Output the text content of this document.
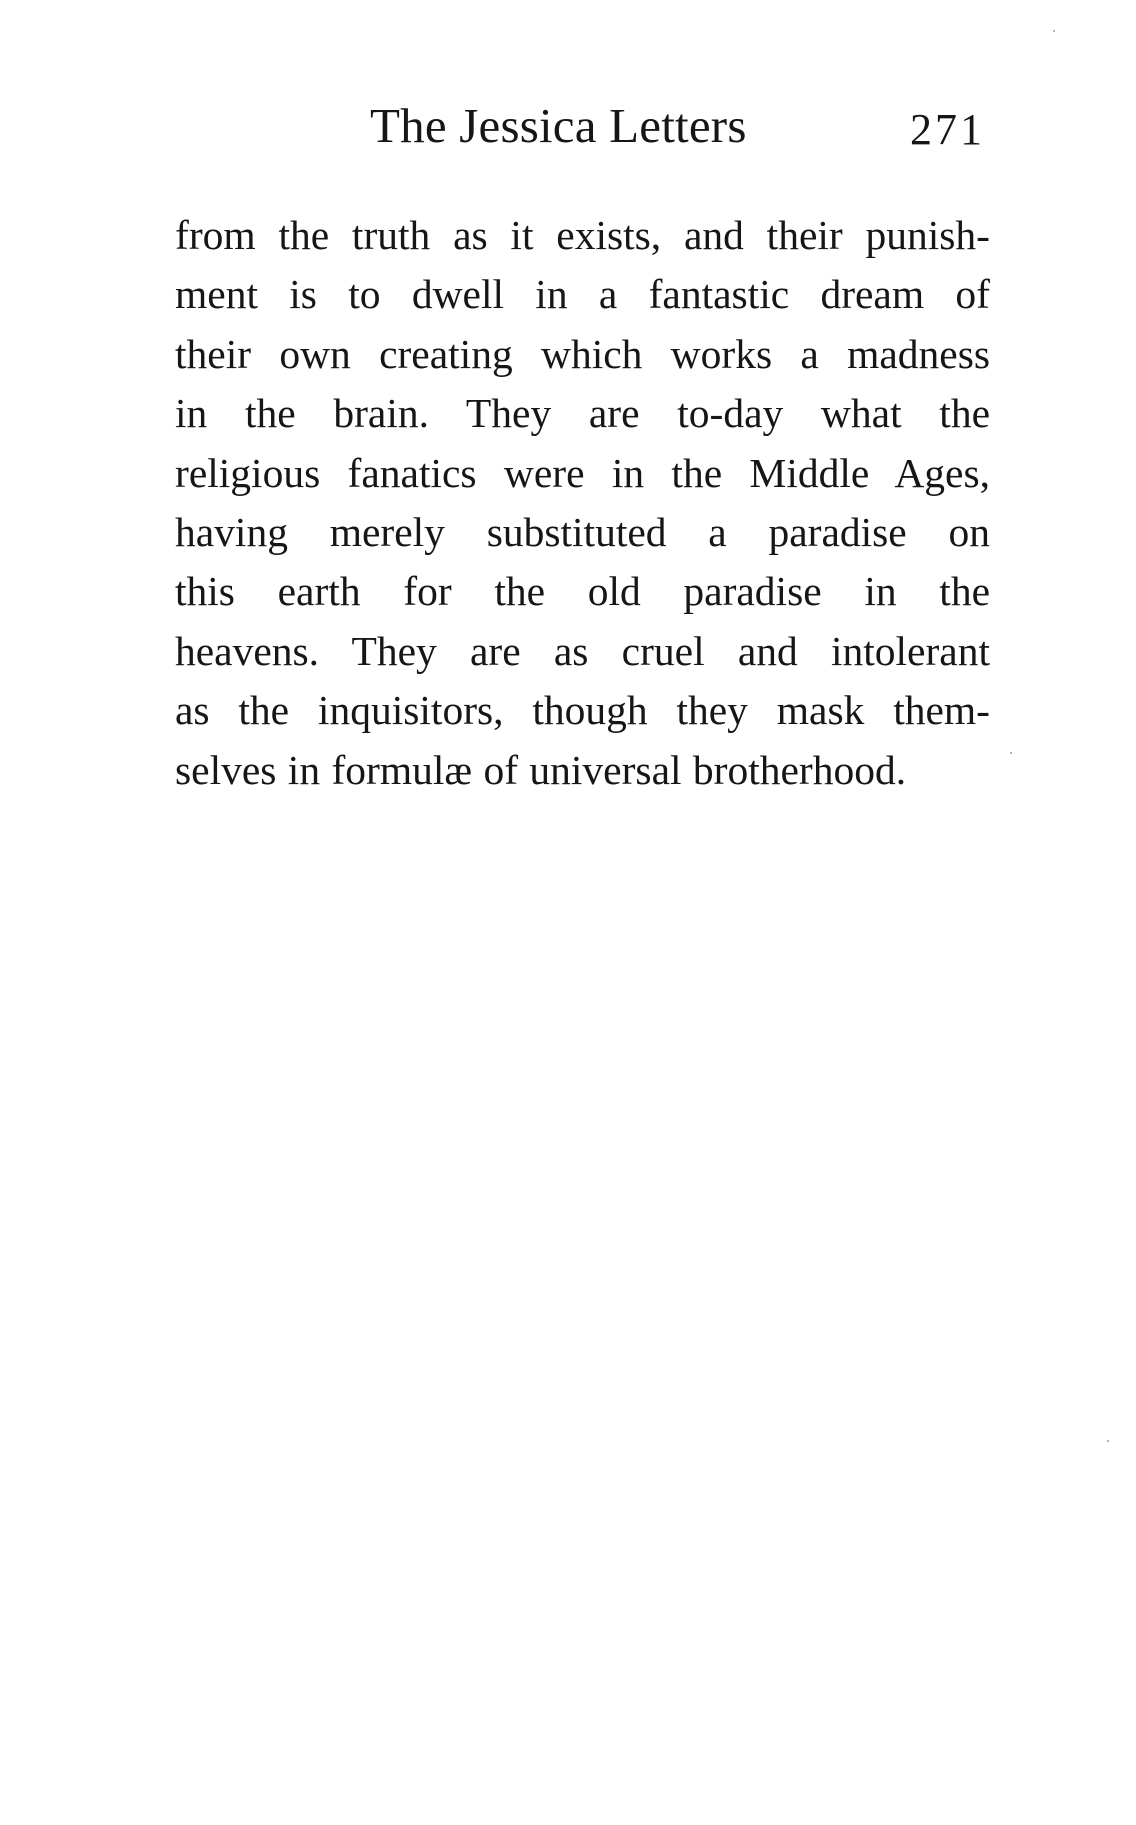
The Jessica Letters	271
from the truth as it exists, and their punish-
ment is to dwell in a fantastic dream of
their own creating which works a madness
in the brain. They are to-day what the
religious fanatics were in the Middle Ages,
having merely substituted a paradise on
this earth for the old paradise in the
heavens. They are as cruel and intolerant
as the inquisitors, though they mask them-
selves in formulæ of universal brotherhood.
